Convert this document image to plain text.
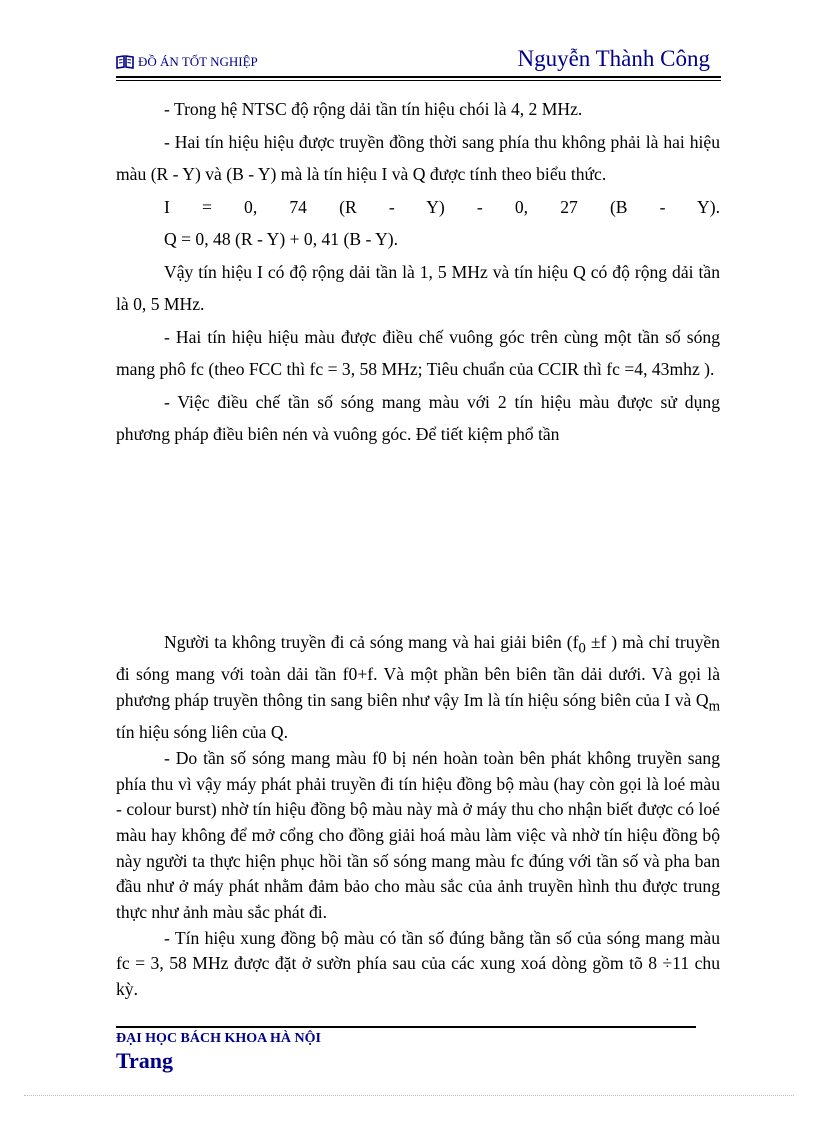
ĐỒ ÁN TỐT NGHIỆP	Nguyễn Thành Công

- Trong hệ NTSC độ rộng dải tần tín hiệu chói là 4, 2 MHz.

- Hai tín hiệu hiệu được truyền đồng thời sang phía thu không phải là hai hiệu màu (R - Y) và (B - Y) mà là tín hiệu I và Q được tính theo biểu thức.

I = 0, 74 (R - Y) - 0, 27 (B - Y).

Q = 0, 48 (R - Y) + 0, 41 (B - Y).

Vậy tín hiệu I có độ rộng dải tần là 1, 5 MHz và tín hiệu Q có độ rộng dải tần là 0, 5 MHz.

- Hai tín hiệu hiệu màu được điều chế vuông góc trên cùng một tần số sóng mang phô fc (theo FCC thì fc = 3, 58 MHz; Tiêu chuẩn của CCIR thì fc =4, 43mhz ).

- Việc điều chế tần số sóng mang màu với 2 tín hiệu màu được sử dụng phương pháp điều biên nén và vuông góc. Để tiết kiệm phổ tần

Người ta không truyền đi cả sóng mang và hai giải biên ($f_0 \pm f$ ) mà chỉ truyền đi sóng mang với toàn dải tần f0+f. Và một phần bên biên tần dải dưới. Và gọi là phương pháp truyền thông tin sang biên như vậy Im là tín hiệu sóng biên của I và $Q_m$ tín hiệu sóng liên của Q.

- Do tần số sóng mang màu f0 bị nén hoàn toàn bên phát không truyền sang phía thu vì vậy máy phát phải truyền đi tín hiệu đồng bộ màu (hay còn gọi là loé màu - colour burst) nhờ tín hiệu đồng bộ màu này mà ở máy thu cho nhận biết được có loé màu hay không để mở cổng cho đồng giải hoá màu làm việc và nhờ tín hiệu đồng bộ này người ta thực hiện phục hồi tần số sóng mang màu fc đúng với tần số và pha ban đầu như ở máy phát nhằm đảm bảo cho màu sắc của ảnh truyền hình thu được trung thực như ảnh màu sắc phát đi.

- Tín hiệu xung đồng bộ màu có tần số đúng bằng tần số của sóng mang màu fc = 3, 58 MHz được đặt ở sườn phía sau của các xung xoá dòng gồm tõ 8 ÷11 chu kỳ.

ĐẠI HỌC BÁCH KHOA HÀ NỘI
Trang
